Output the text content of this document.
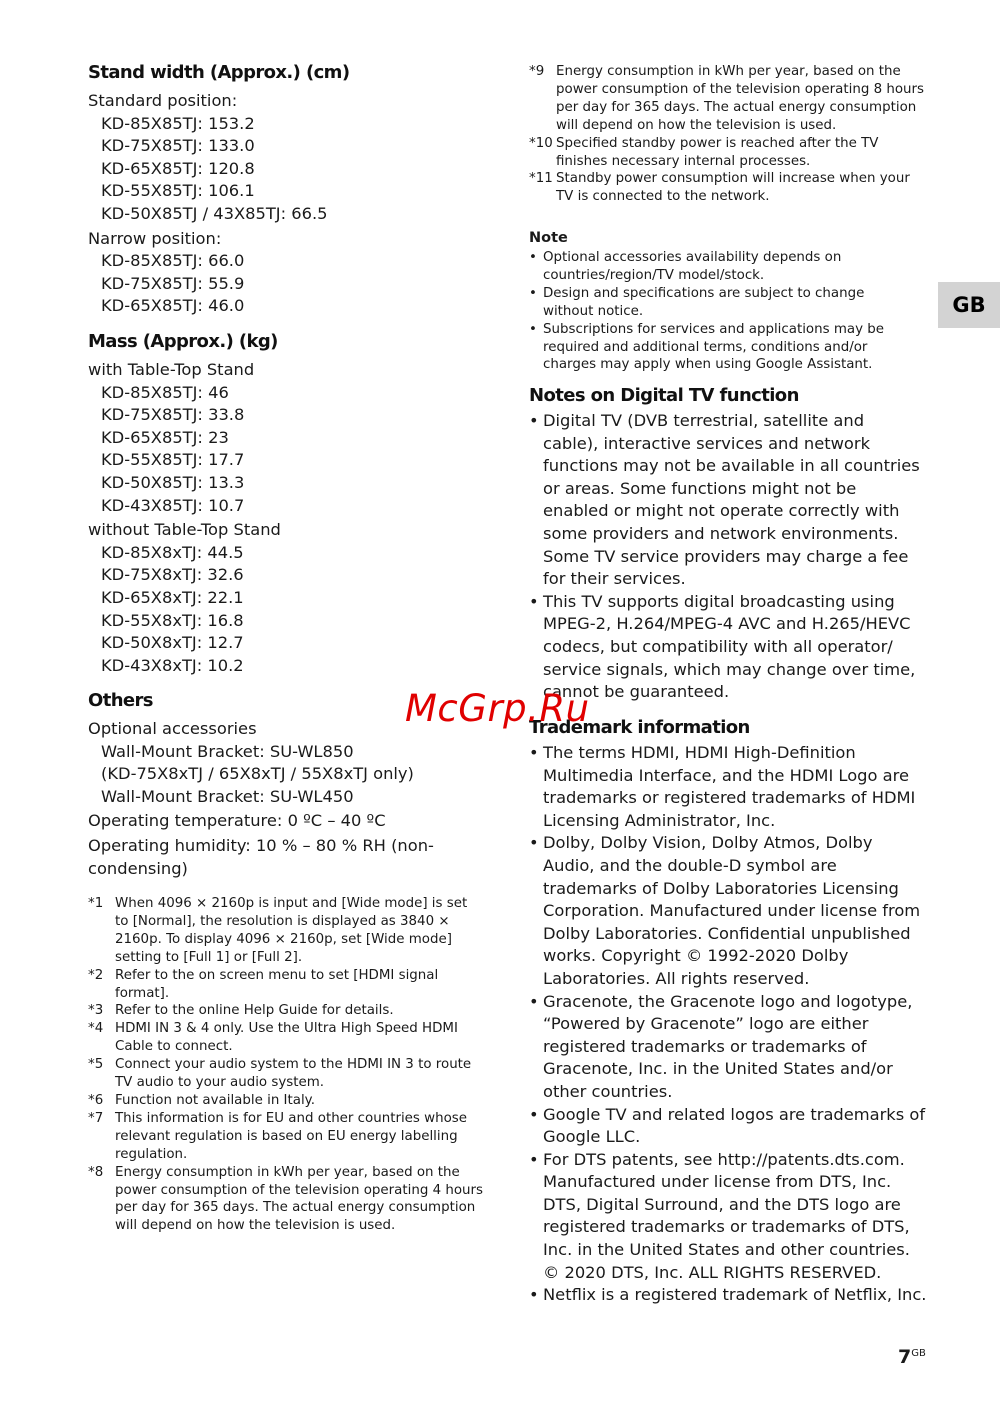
Stand width (Approx.) (cm)
Standard position:
KD-85X85TJ: 153.2
KD-75X85TJ: 133.0
KD-65X85TJ: 120.8
KD-55X85TJ: 106.1
KD-50X85TJ / 43X85TJ: 66.5
Narrow position:
KD-85X85TJ: 66.0
KD-75X85TJ: 55.9
KD-65X85TJ: 46.0
Mass (Approx.) (kg)
with Table-Top Stand
KD-85X85TJ: 46
KD-75X85TJ: 33.8
KD-65X85TJ: 23
KD-55X85TJ: 17.7
KD-50X85TJ: 13.3
KD-43X85TJ: 10.7
without Table-Top Stand
KD-85X8xTJ: 44.5
KD-75X8xTJ: 32.6
KD-65X8xTJ: 22.1
KD-55X8xTJ: 16.8
KD-50X8xTJ: 12.7
KD-43X8xTJ: 10.2
Others
Optional accessories
Wall-Mount Bracket: SU-WL850
(KD-75X8xTJ / 65X8xTJ / 55X8xTJ only)
Wall-Mount Bracket: SU-WL450
Operating temperature: 0 ºC – 40 ºC
Operating humidity: 10 % – 80 % RH (non-
condensing)
*1 When 4096 × 2160p is input and [Wide mode] is set to [Normal], the resolution is displayed as 3840 × 2160p. To display 4096 × 2160p, set [Wide mode] setting to [Full 1] or [Full 2].
*2 Refer to the on screen menu to set [HDMI signal format].
*3 Refer to the online Help Guide for details.
*4 HDMI IN 3 & 4 only. Use the Ultra High Speed HDMI Cable to connect.
*5 Connect your audio system to the HDMI IN 3 to route TV audio to your audio system.
*6 Function not available in Italy.
*7 This information is for EU and other countries whose relevant regulation is based on EU energy labelling regulation.
*8 Energy consumption in kWh per year, based on the power consumption of the television operating 4 hours per day for 365 days. The actual energy consumption will depend on how the television is used.
*9 Energy consumption in kWh per year, based on the power consumption of the television operating 8 hours per day for 365 days. The actual energy consumption will depend on how the television is used.
*10 Specified standby power is reached after the TV finishes necessary internal processes.
*11 Standby power consumption will increase when your TV is connected to the network.
Note
• Optional accessories availability depends on countries/region/TV model/stock.
• Design and specifications are subject to change without notice.
• Subscriptions for services and applications may be required and additional terms, conditions and/or charges may apply when using Google Assistant.
Notes on Digital TV function
• Digital TV (DVB terrestrial, satellite and cable), interactive services and network functions may not be available in all countries or areas. Some functions might not be enabled or might not operate correctly with some providers and network environments. Some TV service providers may charge a fee for their services.
• This TV supports digital broadcasting using MPEG-2, H.264/MPEG-4 AVC and H.265/HEVC codecs, but compatibility with all operator/ service signals, which may change over time, cannot be guaranteed.
Trademark information
• The terms HDMI, HDMI High-Definition Multimedia Interface, and the HDMI Logo are trademarks or registered trademarks of HDMI Licensing Administrator, Inc.
• Dolby, Dolby Vision, Dolby Atmos, Dolby Audio, and the double-D symbol are trademarks of Dolby Laboratories Licensing Corporation. Manufactured under license from Dolby Laboratories. Confidential unpublished works. Copyright © 1992-2020 Dolby Laboratories. All rights reserved.
• Gracenote, the Gracenote logo and logotype, “Powered by Gracenote” logo are either registered trademarks or trademarks of Gracenote, Inc. in the United States and/or other countries.
• Google TV and related logos are trademarks of Google LLC.
• For DTS patents, see http://patents.dts.com. Manufactured under license from DTS, Inc. DTS, Digital Surround, and the DTS logo are registered trademarks or trademarks of DTS, Inc. in the United States and other countries. © 2020 DTS, Inc. ALL RIGHTS RESERVED.
• Netflix is a registered trademark of Netflix, Inc.
GB
McGrp.Ru
$7^{GB}$
